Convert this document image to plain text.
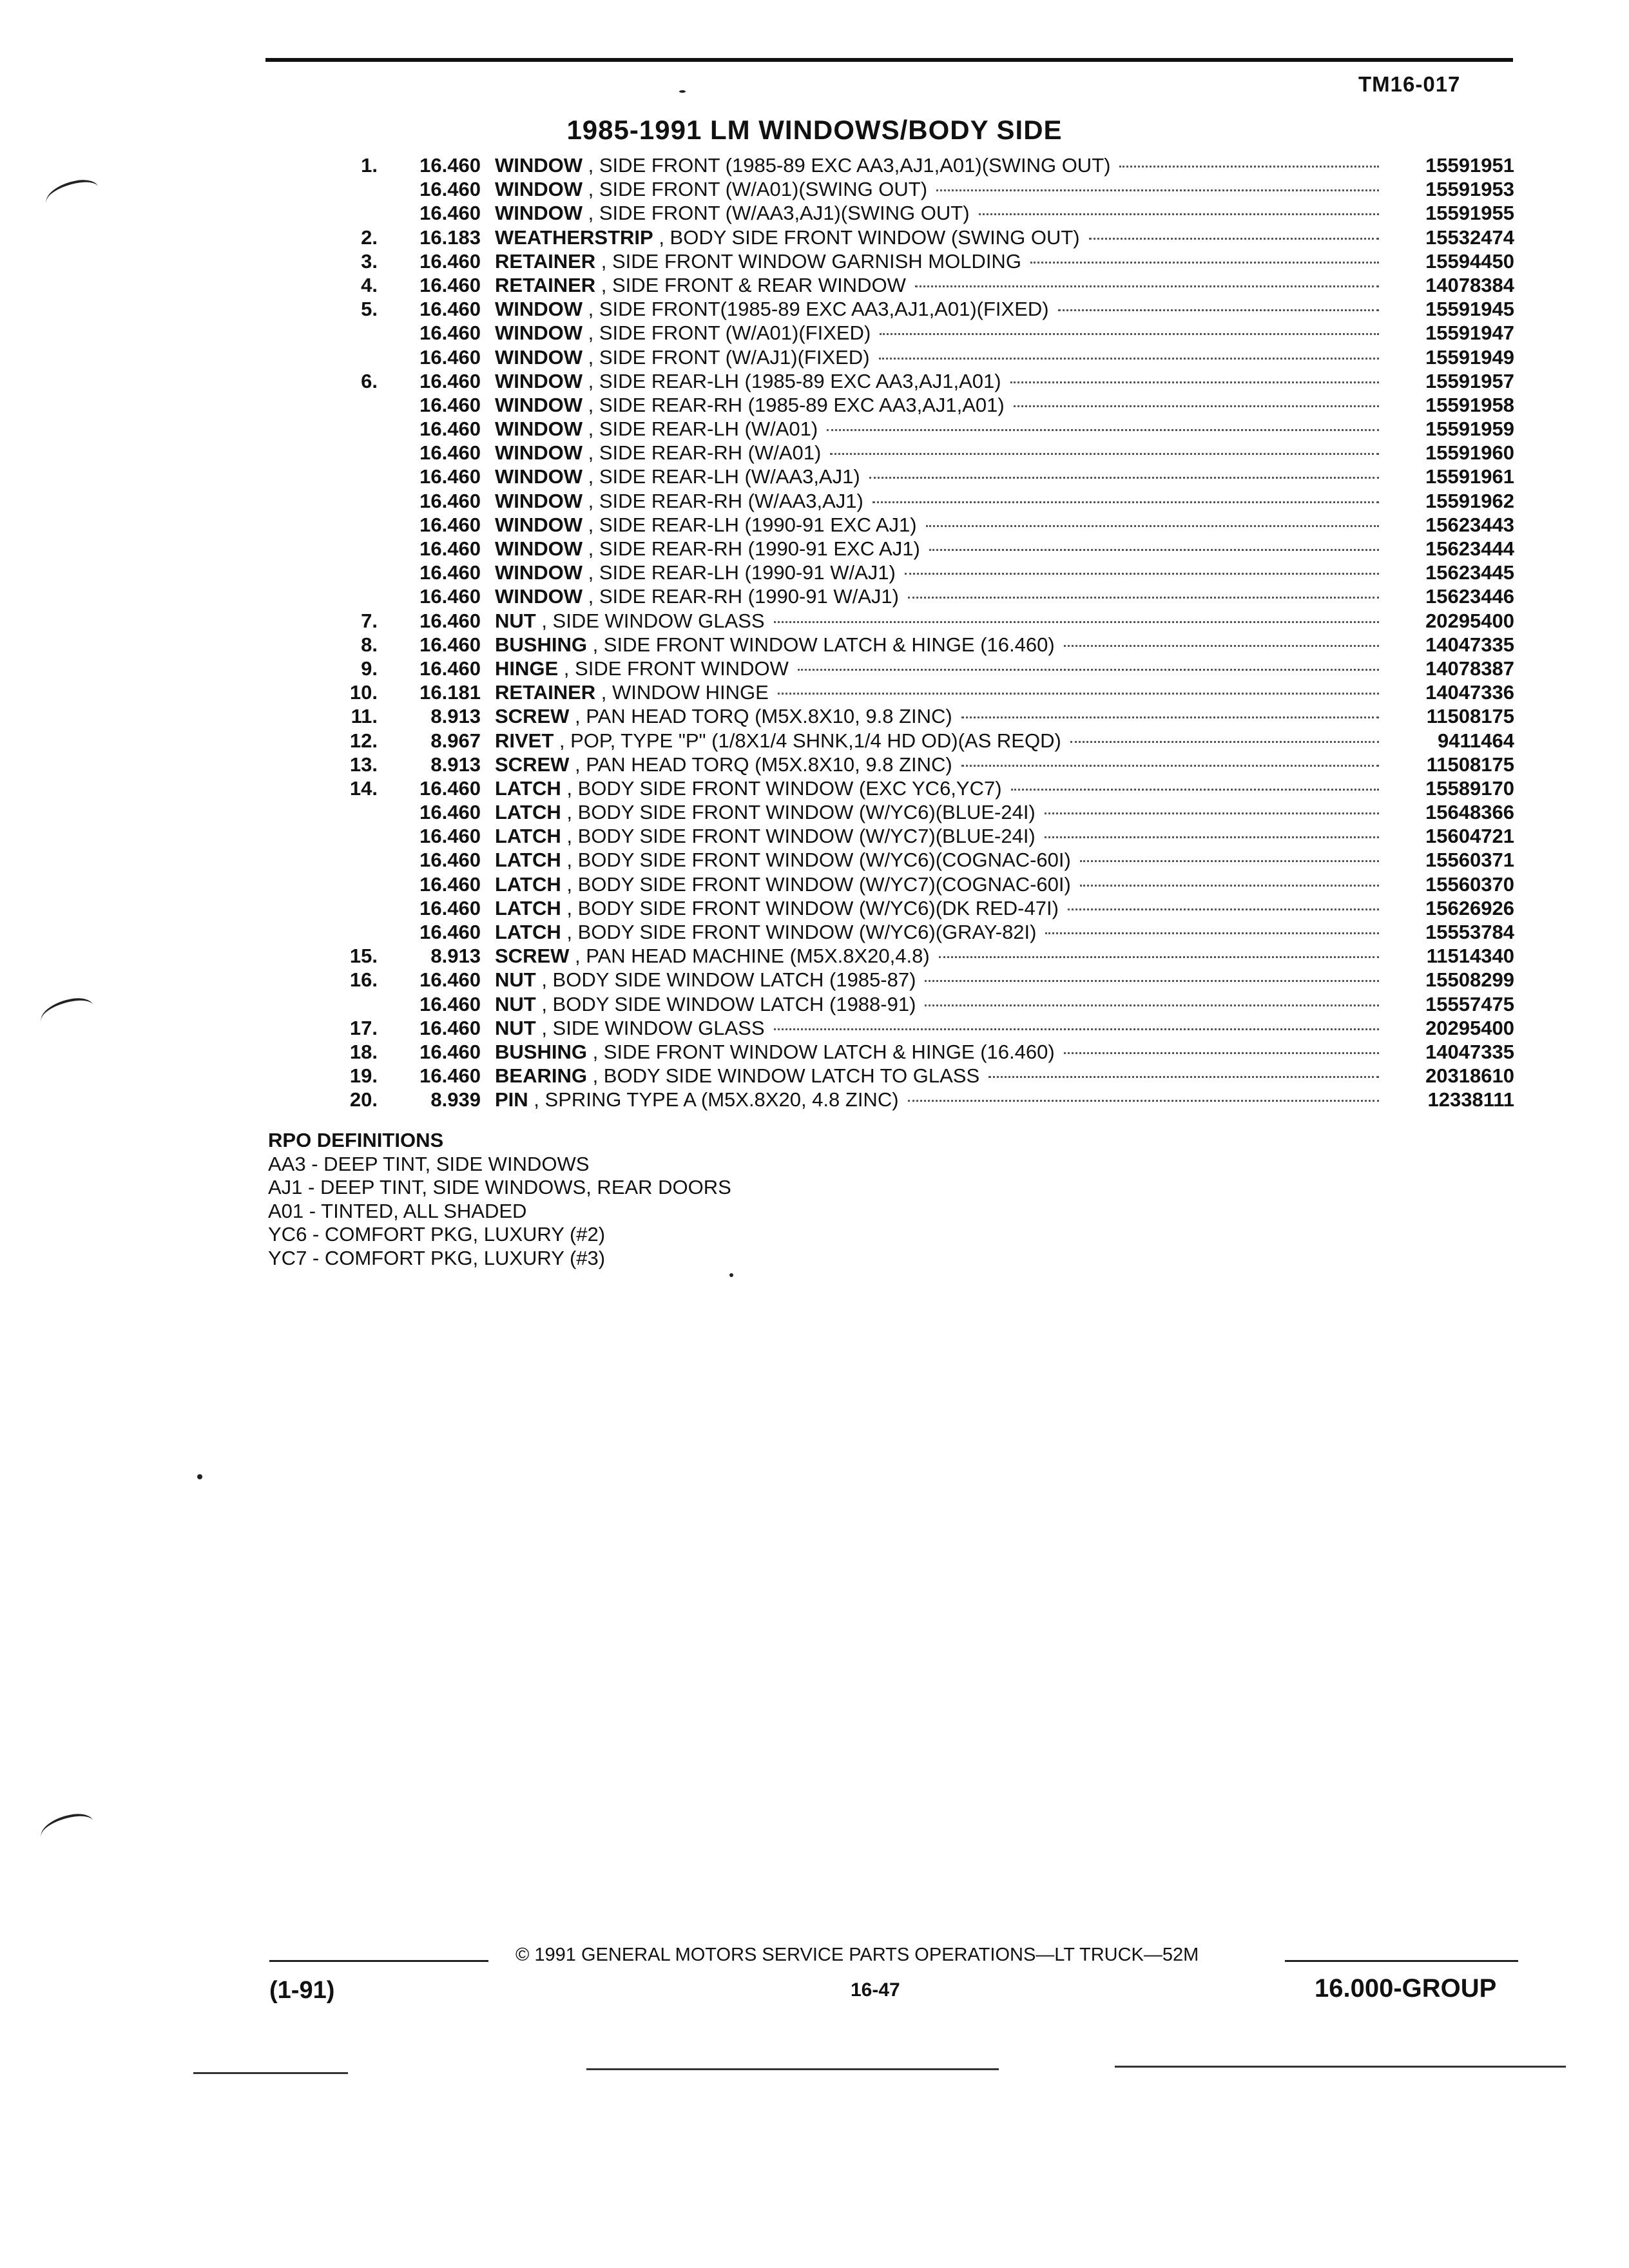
TM16-017
1985-1991 LM WINDOWS/BODY SIDE
1.	16.460 WINDOW , SIDE FRONT (1985-89 EXC AA3,AJ1,A01)(SWING OUT)	15591951
16.460 WINDOW , SIDE FRONT (W/A01)(SWING OUT)	15591953
16.460 WINDOW , SIDE FRONT (W/AA3,AJ1)(SWING OUT)	15591955
2.	16.183 WEATHERSTRIP , BODY SIDE FRONT WINDOW (SWING OUT)	15532474
3.	16.460 RETAINER , SIDE FRONT WINDOW GARNISH MOLDING	15594450
4.	16.460 RETAINER , SIDE FRONT & REAR WINDOW	14078384
5.	16.460 WINDOW , SIDE FRONT(1985-89 EXC AA3,AJ1,A01)(FIXED)	15591945
16.460 WINDOW , SIDE FRONT (W/A01)(FIXED)	15591947
16.460 WINDOW , SIDE FRONT (W/AJ1)(FIXED)	15591949
6.	16.460 WINDOW , SIDE REAR-LH (1985-89 EXC AA3,AJ1,A01)	15591957
16.460 WINDOW , SIDE REAR-RH (1985-89 EXC AA3,AJ1,A01)	15591958
16.460 WINDOW , SIDE REAR-LH (W/A01)	15591959
16.460 WINDOW , SIDE REAR-RH (W/A01)	15591960
16.460 WINDOW , SIDE REAR-LH (W/AA3,AJ1)	15591961
16.460 WINDOW , SIDE REAR-RH (W/AA3,AJ1)	15591962
16.460 WINDOW , SIDE REAR-LH (1990-91 EXC AJ1)	15623443
16.460 WINDOW , SIDE REAR-RH (1990-91 EXC AJ1)	15623444
16.460 WINDOW , SIDE REAR-LH (1990-91 W/AJ1)	15623445
16.460 WINDOW , SIDE REAR-RH (1990-91 W/AJ1)	15623446
7.	16.460 NUT , SIDE WINDOW GLASS	20295400
8.	16.460 BUSHING , SIDE FRONT WINDOW LATCH & HINGE (16.460)	14047335
9.	16.460 HINGE , SIDE FRONT WINDOW	14078387
10.	16.181 RETAINER , WINDOW HINGE	14047336
11.	8.913 SCREW , PAN HEAD TORQ (M5X.8X10, 9.8 ZINC)	11508175
12.	8.967 RIVET , POP, TYPE "P" (1/8X1/4 SHNK,1/4 HD OD)(AS REQD)	9411464
13.	8.913 SCREW , PAN HEAD TORQ (M5X.8X10, 9.8 ZINC)	11508175
14.	16.460 LATCH , BODY SIDE FRONT WINDOW (EXC YC6,YC7)	15589170
16.460 LATCH , BODY SIDE FRONT WINDOW (W/YC6)(BLUE-24I)	15648366
16.460 LATCH , BODY SIDE FRONT WINDOW (W/YC7)(BLUE-24I)	15604721
16.460 LATCH , BODY SIDE FRONT WINDOW (W/YC6)(COGNAC-60I)	15560371
16.460 LATCH , BODY SIDE FRONT WINDOW (W/YC7)(COGNAC-60I)	15560370
16.460 LATCH , BODY SIDE FRONT WINDOW (W/YC6)(DK RED-47I)	15626926
16.460 LATCH , BODY SIDE FRONT WINDOW (W/YC6)(GRAY-82I)	15553784
15.	8.913 SCREW , PAN HEAD MACHINE (M5X.8X20,4.8)	11514340
16.	16.460 NUT , BODY SIDE WINDOW LATCH (1985-87)	15508299
16.460 NUT , BODY SIDE WINDOW LATCH (1988-91)	15557475
17.	16.460 NUT , SIDE WINDOW GLASS	20295400
18.	16.460 BUSHING , SIDE FRONT WINDOW LATCH & HINGE (16.460)	14047335
19.	16.460 BEARING , BODY SIDE WINDOW LATCH TO GLASS	20318610
20.	8.939 PIN , SPRING TYPE A (M5X.8X20, 4.8 ZINC)	12338111
RPO DEFINITIONS
AA3 - DEEP TINT, SIDE WINDOWS
AJ1 - DEEP TINT, SIDE WINDOWS, REAR DOORS
A01 - TINTED, ALL SHADED
YC6 - COMFORT PKG, LUXURY (#2)
YC7 - COMFORT PKG, LUXURY (#3)
© 1991 GENERAL MOTORS SERVICE PARTS OPERATIONS—LT TRUCK—52M
(1-91)	16-47	16.000-GROUP
